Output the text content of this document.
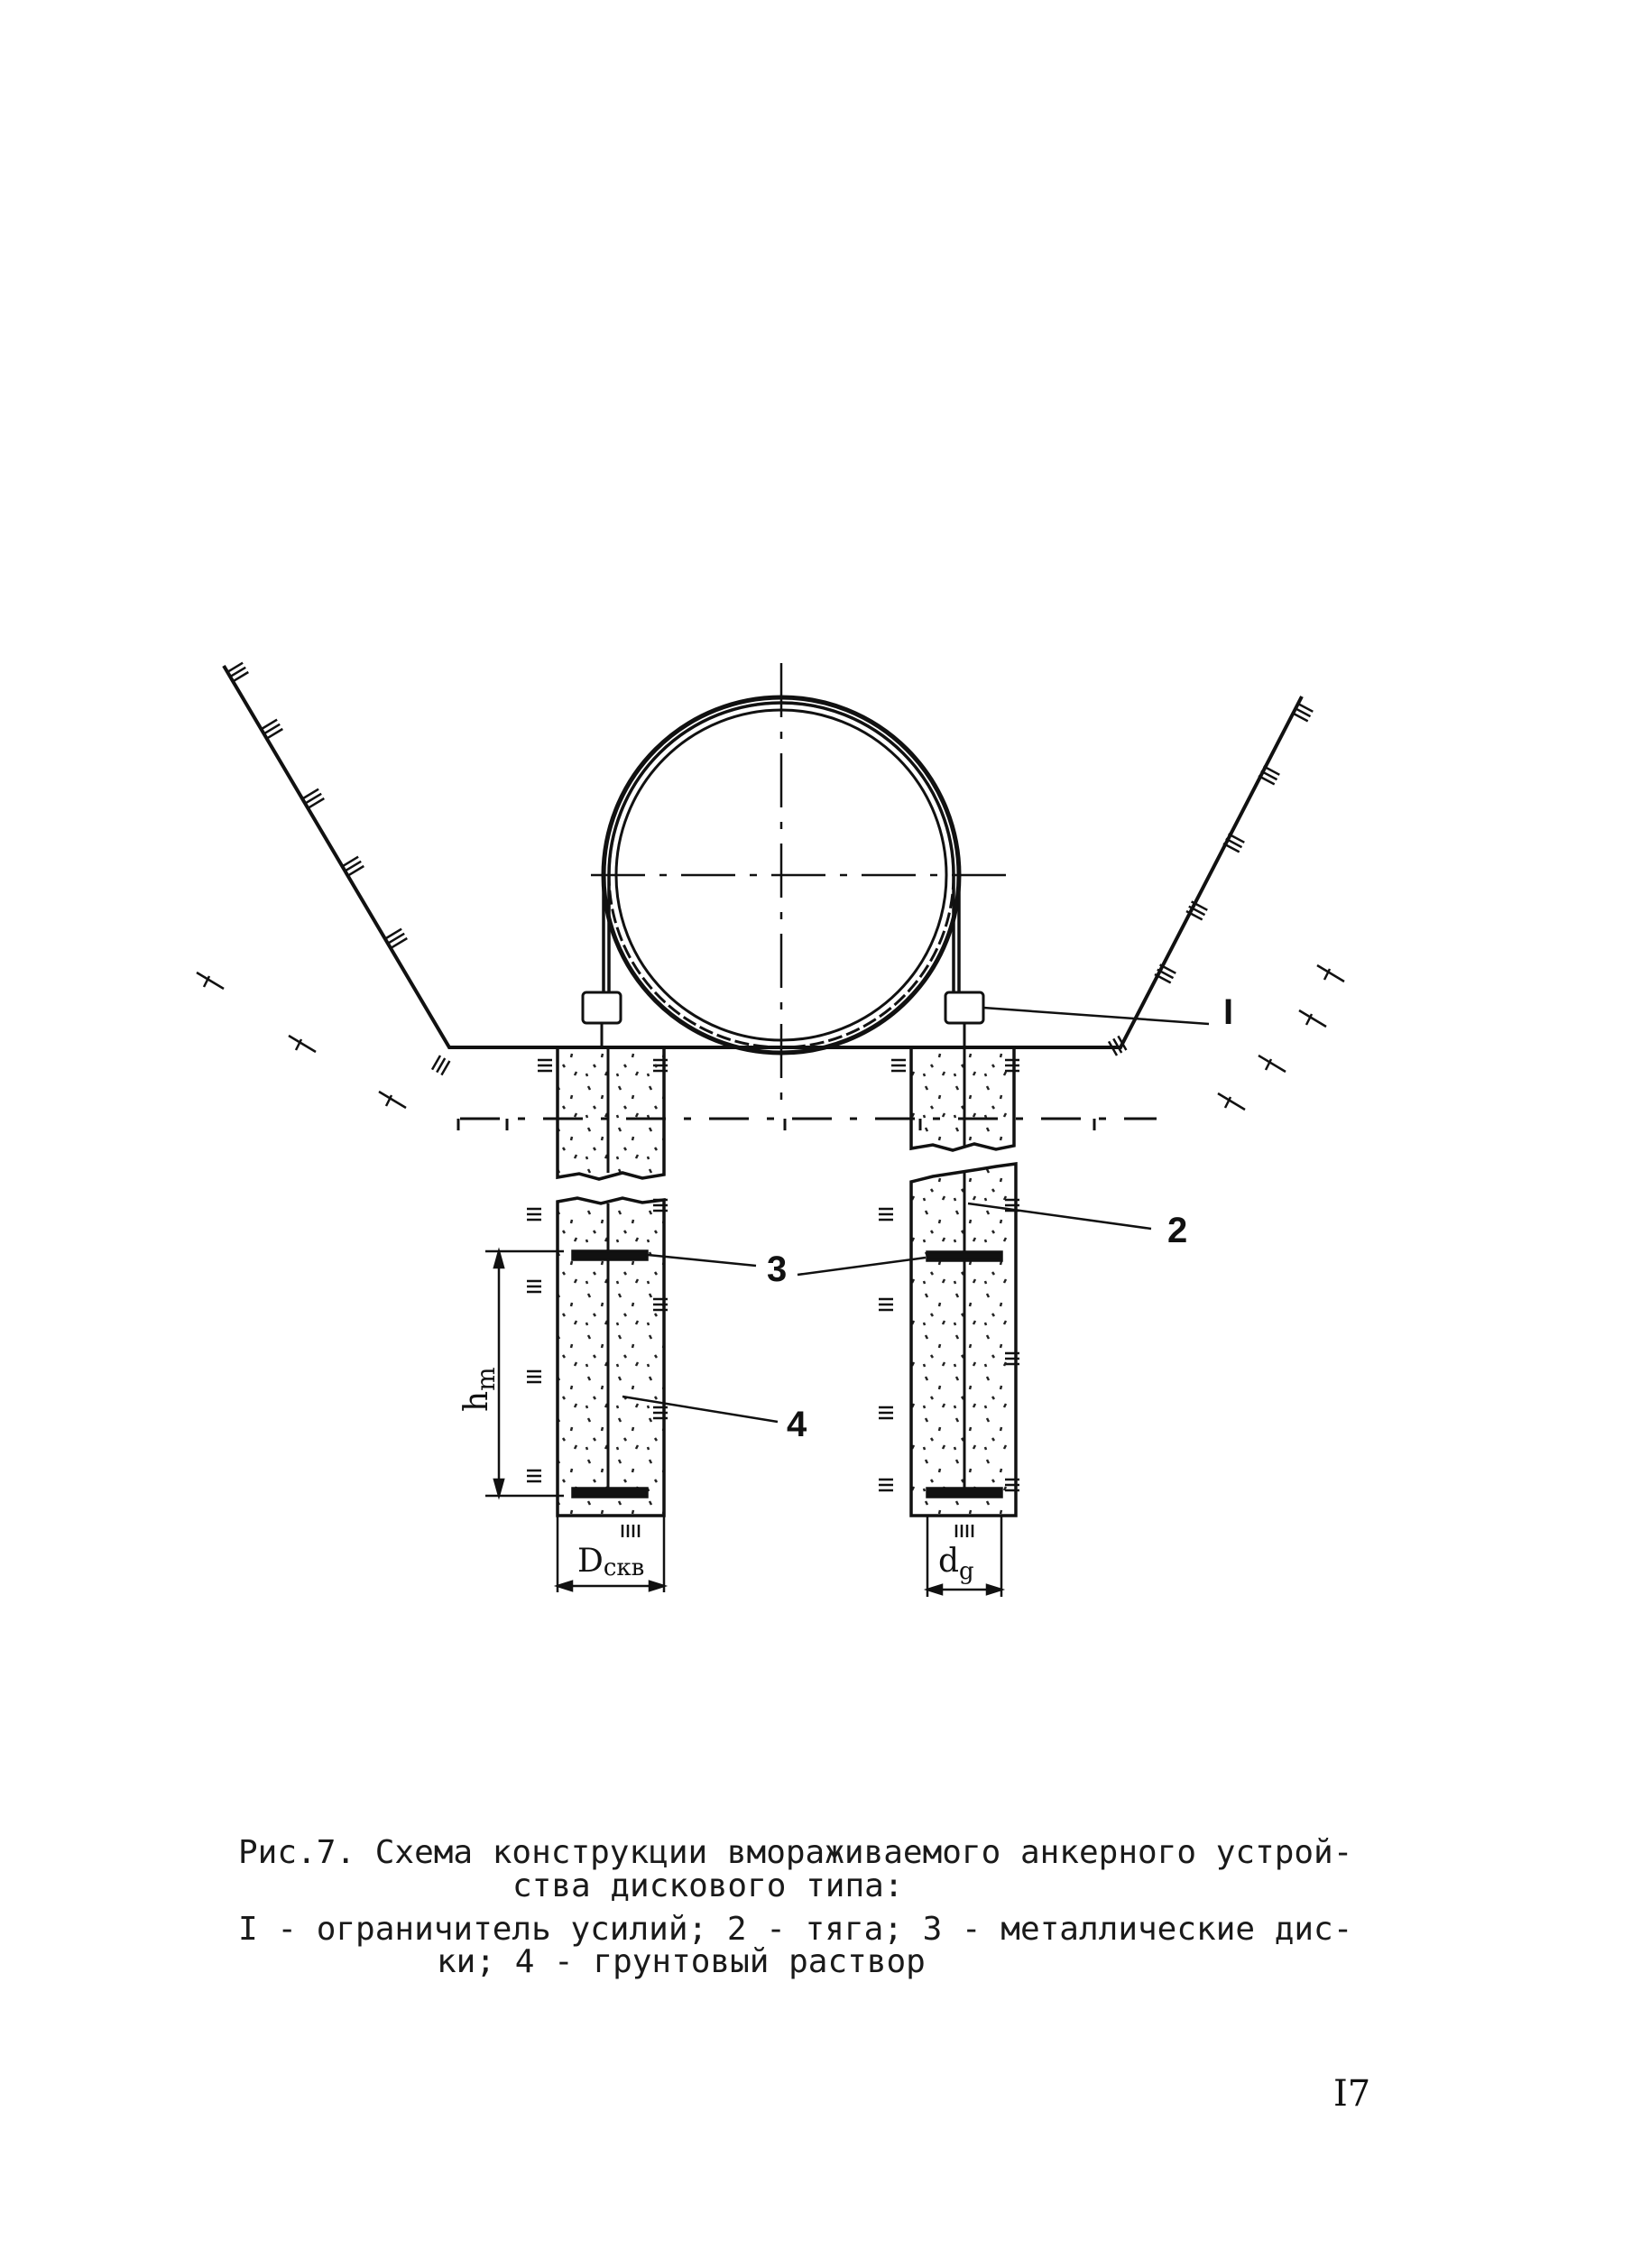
I
2
3
4
$h_m$
Dскв	$d_g$
Рис.7. Схема конструкции вмораживаемого анкерного устрой-
ства дискового типа:
I - ограничитель усилий; 2 - тяга; 3 - металлические дис-
ки; 4 - грунтовый раствор
I7
